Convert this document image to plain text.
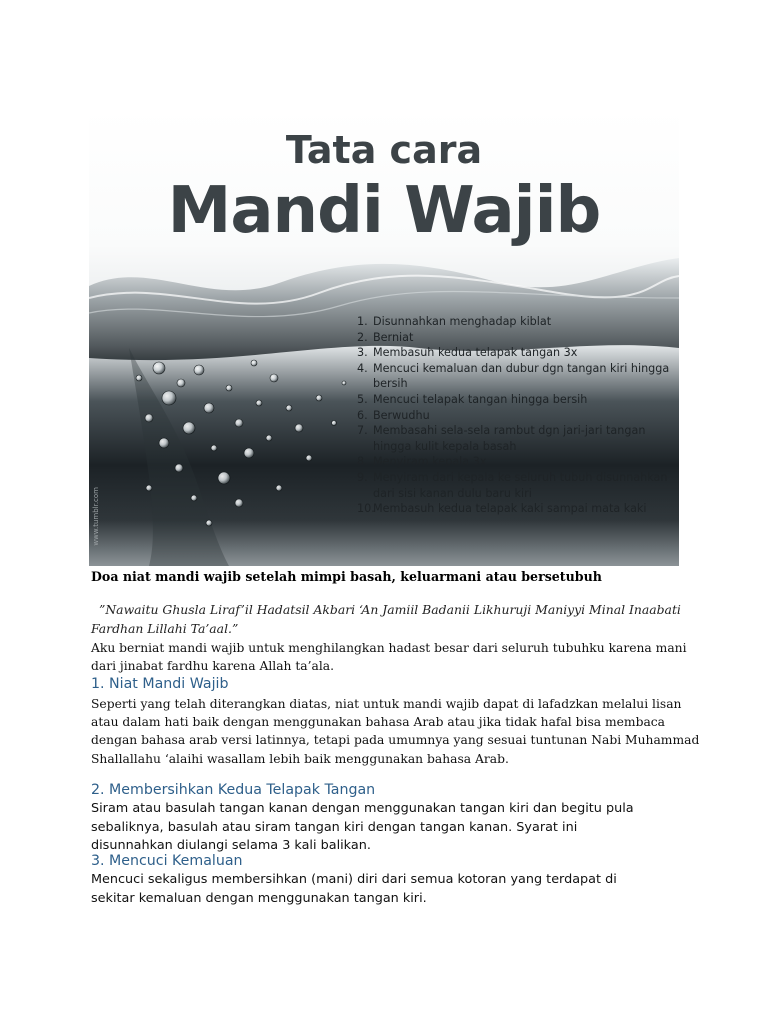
Tata cara
Mandi Wajib
1. Disunnahkan menghadap kiblat
2. Berniat
3. Membasuh kedua telapak tangan 3x
4. Mencuci kemaluan dan dubur dgn tangan kiri hingga bersih
5. Mencuci telapak tangan hingga bersih
6. Berwudhu
7. Membasahi sela-sela rambut dgn jari-jari tangan hingga kulit kepala basah
8. Menyiram kepala 3x
9. Menyiram dari kepala ke seluruh tubuh disunnahkan dari sisi kanan dulu baru kiri
10.
Membasuh kedua telapak kaki sampai mata kaki
www.tumblr.com
Doa niat mandi wajib setelah mimpi basah, keluarmani atau bersetubuh
”Nawaitu Ghusla Liraf’il Hadatsil Akbari ‘An Jamiil Badanii Likhuruji Maniyyi Minal Inaabati
Fardhan Lillahi Ta’aal.”
Aku berniat mandi wajib untuk menghilangkan hadast besar dari seluruh tubuhku karena mani
dari jinabat fardhu karena Allah ta’ala.
1. Niat Mandi Wajib
Seperti yang telah diterangkan diatas, niat untuk mandi wajib dapat di lafadzkan melalui lisan
atau dalam hati baik dengan menggunakan bahasa Arab atau jika tidak hafal bisa membaca
dengan bahasa arab versi latinnya, tetapi pada umumnya yang sesuai tuntunan Nabi Muhammad
Shallallahu ‘alaihi wasallam lebih baik menggunakan bahasa Arab.
2. Membersihkan Kedua Telapak Tangan
Siram atau basulah tangan kanan dengan menggunakan tangan kiri dan begitu pula
sebaliknya, basulah atau siram tangan kiri dengan tangan kanan. Syarat ini
disunnahkan diulangi selama 3 kali balikan.
3. Mencuci Kemaluan
Mencuci sekaligus membersihkan (mani) diri dari semua kotoran yang terdapat di
sekitar kemaluan dengan menggunakan tangan kiri.
